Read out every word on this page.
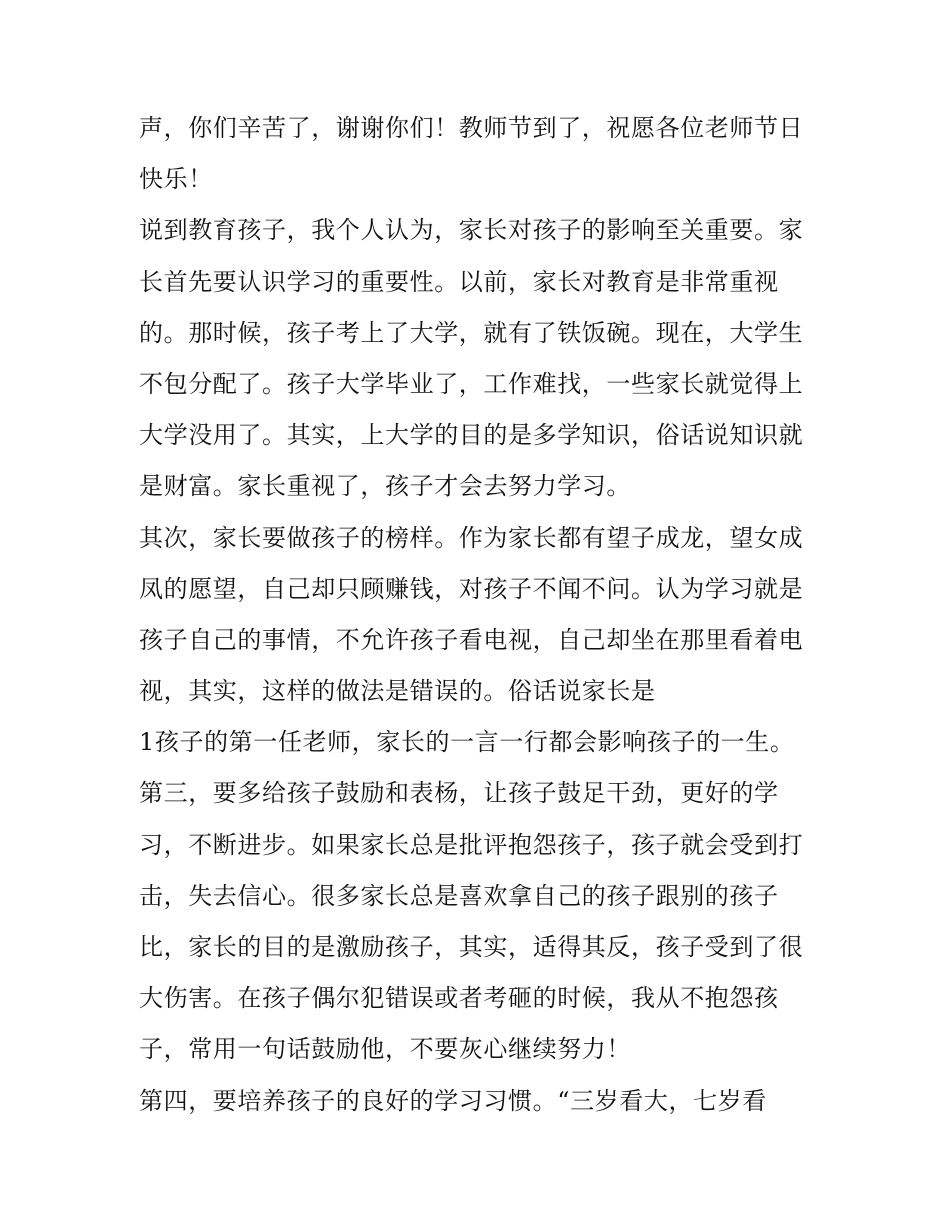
声，你们辛苦了，谢谢你们！教师节到了，祝愿各位老师节日
快乐！
说到教育孩子，我个人认为，家长对孩子的影响至关重要。家
长首先要认识学习的重要性。以前，家长对教育是非常重视
的。那时候，孩子考上了大学，就有了铁饭碗。现在，大学生
不包分配了。孩子大学毕业了，工作难找，一些家长就觉得上
大学没用了。其实，上大学的目的是多学知识，俗话说知识就
是财富。家长重视了，孩子才会去努力学习。
其次，家长要做孩子的榜样。作为家长都有望子成龙，望女成
凤的愿望，自己却只顾赚钱，对孩子不闻不问。认为学习就是
孩子自己的事情，不允许孩子看电视，自己却坐在那里看着电
视，其实，这样的做法是错误的。俗话说家长是
1孩子的第一任老师，家长的一言一行都会影响孩子的一生。
第三，要多给孩子鼓励和表杨，让孩子鼓足干劲，更好的学
习，不断进步。如果家长总是批评抱怨孩子，孩子就会受到打
击，失去信心。很多家长总是喜欢拿自己的孩子跟别的孩子
比，家长的目的是激励孩子，其实，适得其反，孩子受到了很
大伤害。在孩子偶尔犯错误或者考砸的时候，我从不抱怨孩
子，常用一句话鼓励他，不要灰心继续努力！
第四，要培养孩子的良好的学习习惯。“三岁看大，七岁看
